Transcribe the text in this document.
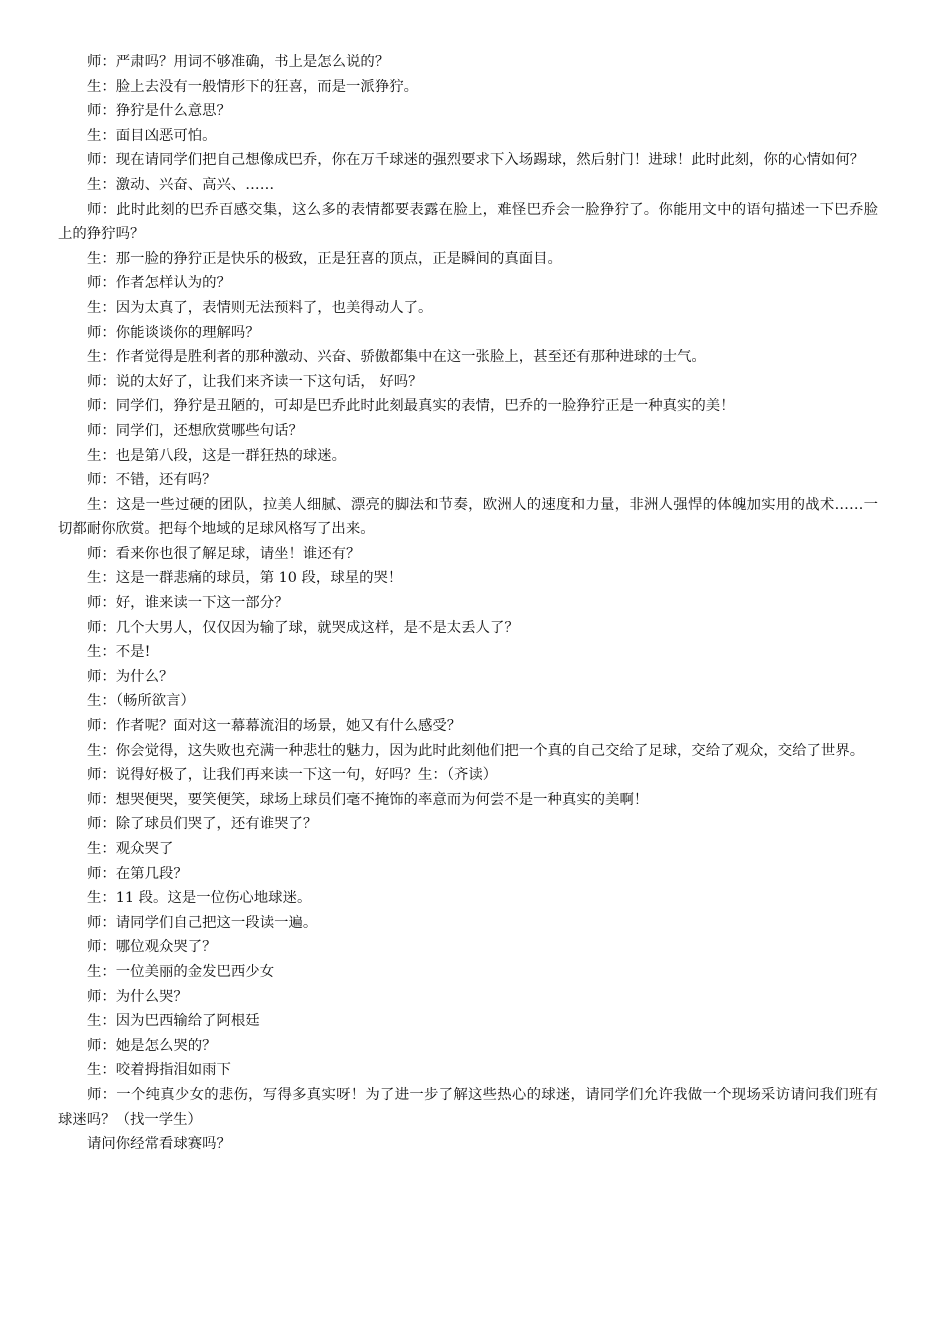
师：严肃吗？用词不够准确，书上是怎么说的？

生：脸上去没有一般情形下的狂喜，而是一派狰狞。

师：狰狞是什么意思？

生：面目凶恶可怕。

师：现在请同学们把自己想像成巴乔，你在万千球迷的强烈要求下入场踢球，然后射门！进球！此时此刻，你的心情如何？

生：激动、兴奋、高兴、……

师：此时此刻的巴乔百感交集，这么多的表情都要表露在脸上，难怪巴乔会一脸狰狞了。你能用文中的语句描述一下巴乔脸上的狰狞吗？

生：那一脸的狰狞正是快乐的极致，正是狂喜的顶点，正是瞬间的真面目。

师：作者怎样认为的？

生：因为太真了，表情则无法预料了，也美得动人了。

师：你能谈谈你的理解吗？

生：作者觉得是胜利者的那种激动、兴奋、骄傲都集中在这一张脸上，甚至还有那种进球的士气。

师：说的太好了，让我们来齐读一下这句话， 好吗？

师：同学们，狰狞是丑陋的，可却是巴乔此时此刻最真实的表情，巴乔的一脸狰狞正是一种真实的美！

师：同学们，还想欣赏哪些句话？

生：也是第八段，这是一群狂热的球迷。

师：不错，还有吗？

生：这是一些过硬的团队，拉美人细腻、漂亮的脚法和节奏，欧洲人的速度和力量，非洲人强悍的体魄加实用的战术……一切都耐你欣赏。把每个地域的足球风格写了出来。

师：看来你也很了解足球，请坐！谁还有？

生：这是一群悲痛的球员，第 10 段，球星的哭！

师：好，谁来读一下这一部分？

师：几个大男人，仅仅因为输了球，就哭成这样，是不是太丢人了？

生：不是!

师：为什么？

生：（畅所欲言）

师：作者呢？面对这一幕幕流泪的场景，她又有什么感受？

生：你会觉得，这失败也充满一种悲壮的魅力，因为此时此刻他们把一个真的自己交给了足球，交给了观众，交给了世界。

师：说得好极了，让我们再来读一下这一句，好吗？生：（齐读）

师：想哭便哭，要笑便笑，球场上球员们毫不掩饰的率意而为何尝不是一种真实的美啊！

师：除了球员们哭了，还有谁哭了？

生：观众哭了

师：在第几段？

生：11 段。这是一位伤心地球迷。

师：请同学们自己把这一段读一遍。

师：哪位观众哭了？

生：一位美丽的金发巴西少女

师：为什么哭？

生：因为巴西输给了阿根廷

师：她是怎么哭的？

生：咬着拇指泪如雨下

师：一个纯真少女的悲伤，写得多真实呀！为了进一步了解这些热心的球迷，请同学们允许我做一个现场采访请问我们班有球迷吗？（找一学生）

请问你经常看球赛吗？
